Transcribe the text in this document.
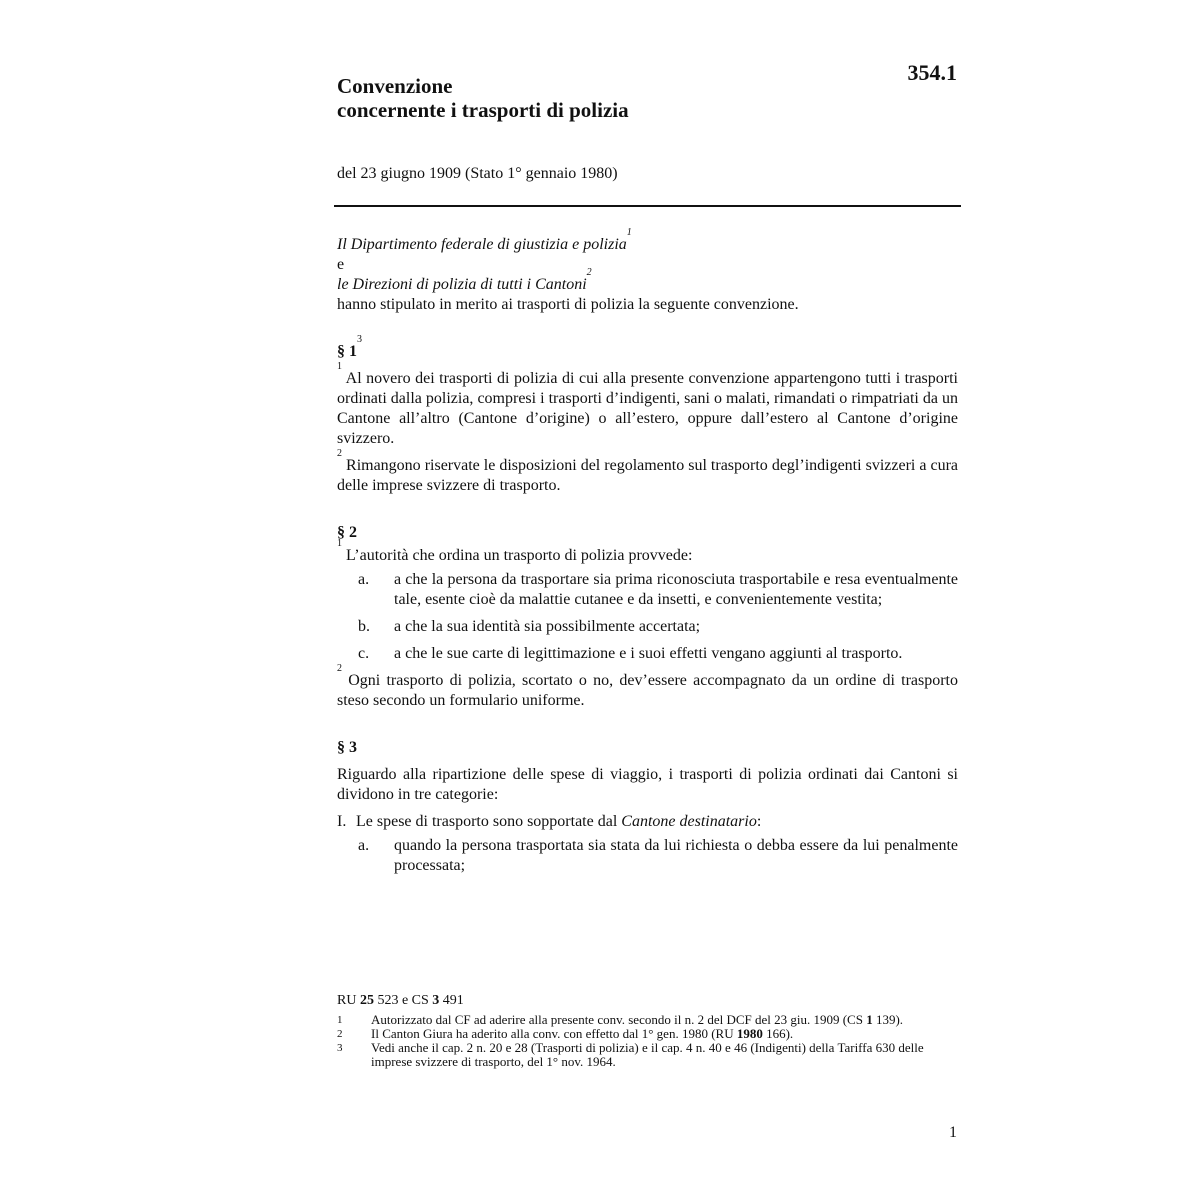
354.1
Convenzione
concernente i trasporti di polizia
del 23 giugno 1909 (Stato 1° gennaio 1980)

Il Dipartimento federale di giustizia e polizia$^1$

e

le Direzioni di polizia di tutti i Cantoni$^2$

hanno stipulato in merito ai trasporti di polizia la seguente convenzione.

§ $1^3$

$^1$ Al novero dei trasporti di polizia di cui alla presente convenzione appartengono tutti i trasporti ordinati dalla polizia, compresi i trasporti d’indigenti, sani o malati, rimandati o rimpatriati da un Cantone all’altro (Cantone d’origine) o all’estero, oppure dall’estero al Cantone d’origine svizzero.

$^2$ Rimangono riservate le disposizioni del regolamento sul trasporto degl’indigenti svizzeri a cura delle imprese svizzere di trasporto.

§ 2

$^1$ L’autorità che ordina un trasporto di polizia provvede:

a.	a che la persona da trasportare sia prima riconosciuta trasportabile e resa eventualmente tale, esente cioè da malattie cutanee e da insetti, e convenientemente vestita;
b.	a che la sua identità sia possibilmente accertata;
c.	a che le sue carte di legittimazione e i suoi effetti vengano aggiunti al trasporto.

$^2$ Ogni trasporto di polizia, scortato o no, dev’essere accompagnato da un ordine di trasporto steso secondo un formulario uniforme.

§ 3

Riguardo alla ripartizione delle spese di viaggio, i trasporti di polizia ordinati dai Cantoni si dividono in tre categorie:

I. Le spese di trasporto sono sopportate dal Cantone destinatario:
a.	quando la persona trasportata sia stata da lui richiesta o debba essere da lui penalmente processata;
RU 25 523 e CS 3 491
1	Autorizzato dal CF ad aderire alla presente conv. secondo il n. 2 del DCF del 23 giu. 1909 (CS 1 139).
2	Il Canton Giura ha aderito alla conv. con effetto dal 1° gen. 1980 (RU 1980 166).
3	Vedi anche il cap. 2 n. 20 e 28 (Trasporti di polizia) e il cap. 4 n. 40 e 46 (Indigenti) della Tariffa 630 delle imprese svizzere di trasporto, del 1° nov. 1964.
1
